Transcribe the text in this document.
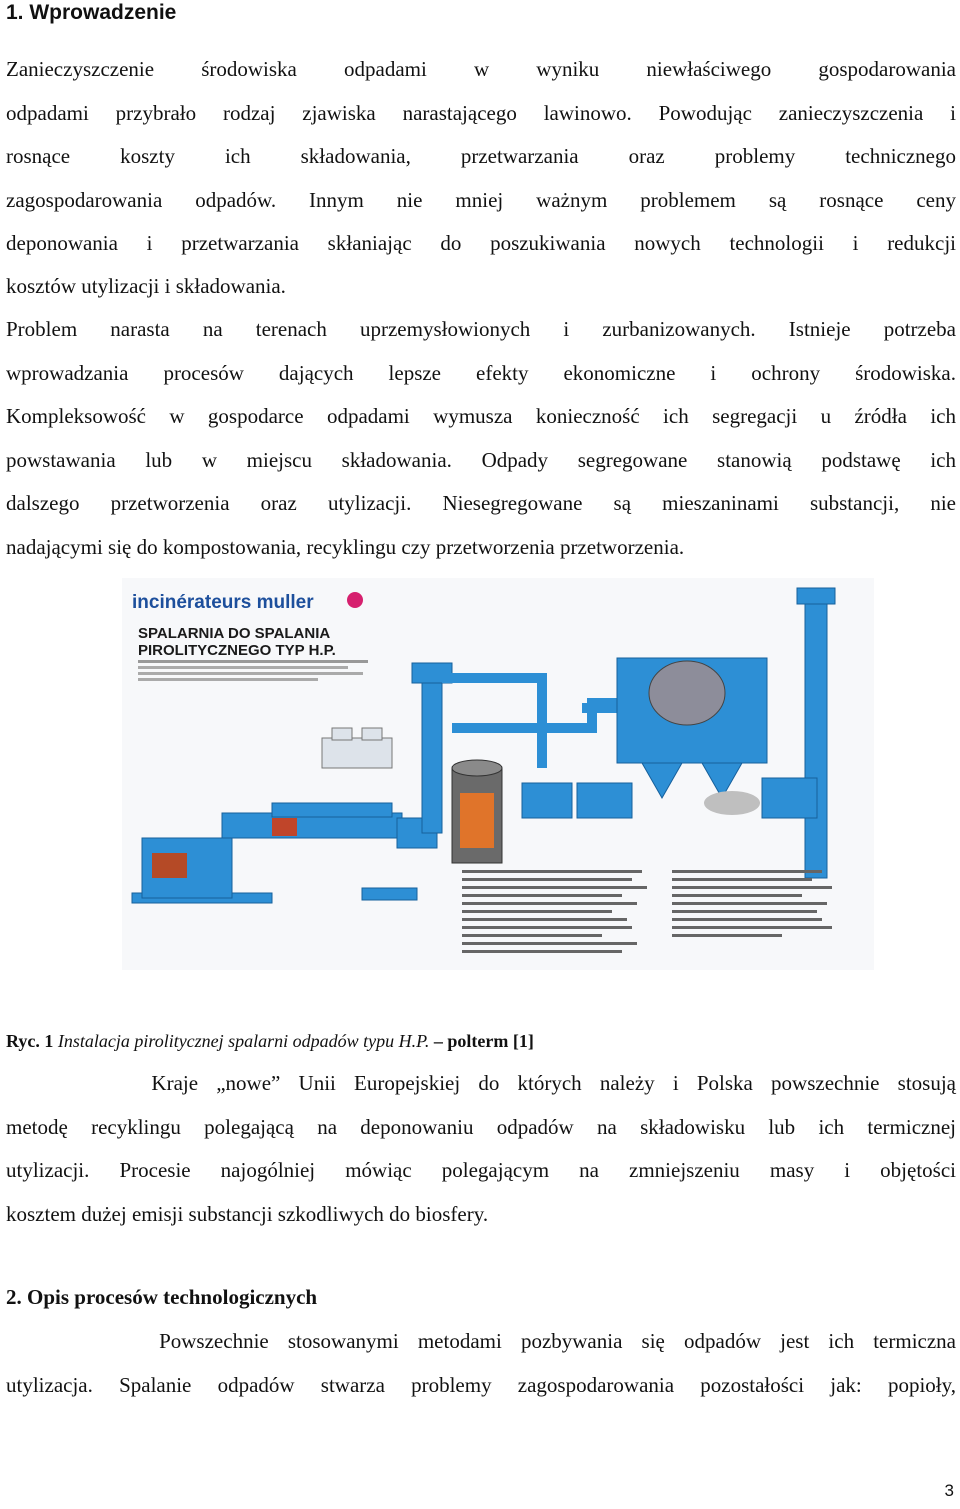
1. Wprowadzenie
Zanieczyszczenie środowiska odpadami w wyniku niewłaściwego gospodarowania
odpadami przybrało rodzaj zjawiska narastającego lawinowo. Powodując zanieczyszczenia i
rosnące koszty ich składowania, przetwarzania oraz problemy technicznego
zagospodarowania odpadów. Innym nie mniej ważnym problemem są rosnące ceny
deponowania i przetwarzania skłaniając do poszukiwania nowych technologii i redukcji
kosztów utylizacji i składowania.
Problem narasta na terenach uprzemysłowionych i zurbanizowanych. Istnieje potrzeba
wprowadzania procesów dających lepsze efekty ekonomiczne i ochrony środowiska.
Kompleksowość w gospodarce odpadami wymusza konieczność ich segregacji u źródła ich
powstawania lub w miejscu składowania. Odpady segregowane stanowią podstawę ich
dalszego przetworzenia oraz utylizacji. Niesegregowane są mieszaninami substancji, nie
nadającymi się do kompostowania, recyklingu czy przetworzenia przetworzenia.
incinérateurs muller
SPALARNIA DO SPALANIA
PIROLITYCZNEGO TYP H.P.
Ryc. 1 Instalacja pirolitycznej spalarni odpadów typu H.P. – polterm [1]
Kraje „nowe” Unii Europejskiej do których należy i Polska powszechnie stosują
metodę recyklingu polegającą na deponowaniu odpadów na składowisku lub ich termicznej
utylizacji. Procesie najogólniej mówiąc polegającym na zmniejszeniu masy i objętości
kosztem dużej emisji substancji szkodliwych do biosfery.
2. Opis procesów technologicznych
Powszechnie stosowanymi metodami pozbywania się odpadów jest ich termiczna
utylizacja. Spalanie odpadów stwarza problemy zagospodarowania pozostałości jak: popioły,
3
